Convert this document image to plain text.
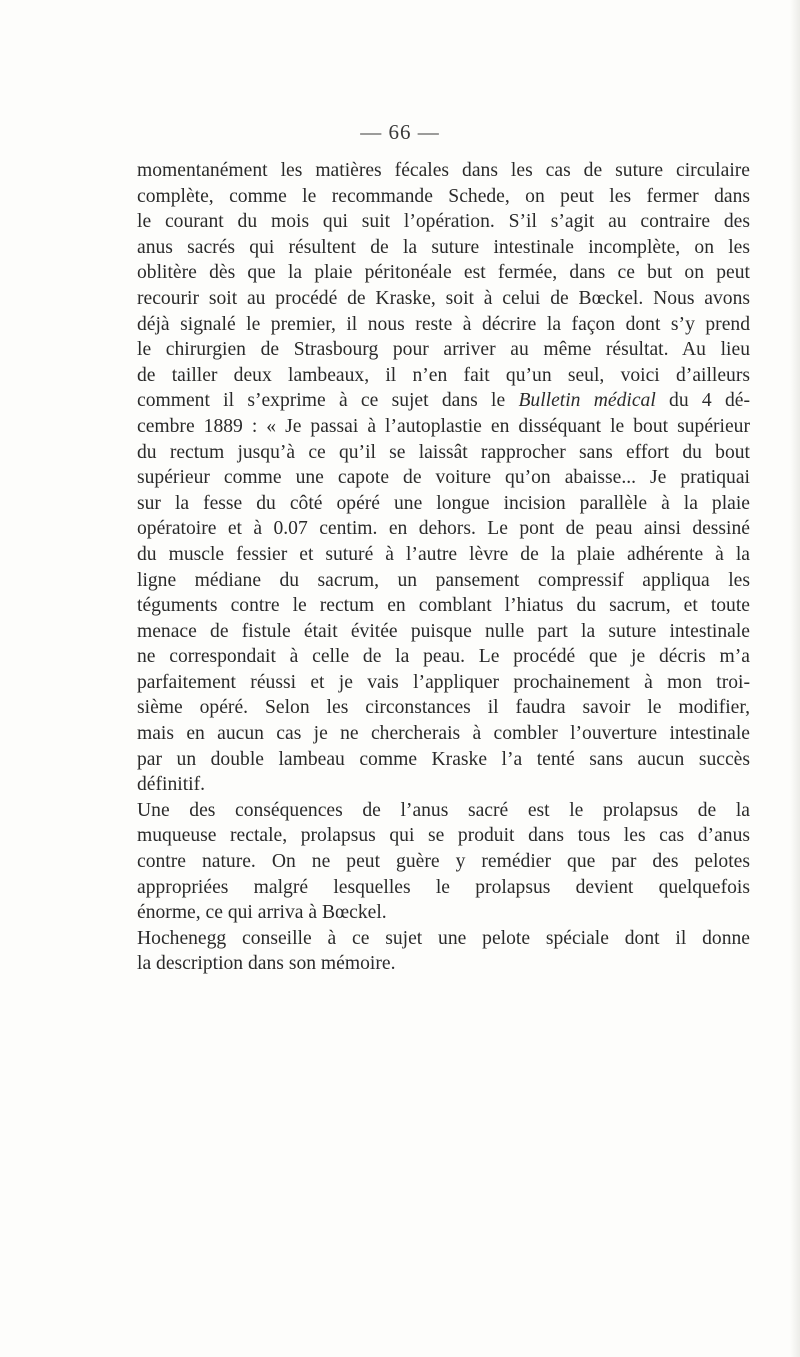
— 66 —
momentanément les matières fécales dans les cas de suture circulaire
complète, comme le recommande Schede, on peut les fermer dans
le courant du mois qui suit l’opération. S’il s’agit au contraire des
anus sacrés qui résultent de la suture intestinale incomplète, on les
oblitère dès que la plaie péritonéale est fermée, dans ce but on peut
recourir soit au procédé de Kraske, soit à celui de Bœckel. Nous avons
déjà signalé le premier, il nous reste à décrire la façon dont s’y prend
le chirurgien de Strasbourg pour arriver au même résultat. Au lieu
de tailler deux lambeaux, il n’en fait qu’un seul, voici d’ailleurs
comment il s’exprime à ce sujet dans le Bulletin médical du 4 dé-
cembre 1889 : « Je passai à l’autoplastie en disséquant le bout supérieur
du rectum jusqu’à ce qu’il se laissât rapprocher sans effort du bout
supérieur comme une capote de voiture qu’on abaisse... Je pratiquai
sur la fesse du côté opéré une longue incision parallèle à la plaie
opératoire et à 0.07 centim. en dehors. Le pont de peau ainsi dessiné
du muscle fessier et suturé à l’autre lèvre de la plaie adhérente à la
ligne médiane du sacrum, un pansement compressif appliqua les
téguments contre le rectum en comblant l’hiatus du sacrum, et toute
menace de fistule était évitée puisque nulle part la suture intestinale
ne correspondait à celle de la peau. Le procédé que je décris m’a
parfaitement réussi et je vais l’appliquer prochainement à mon troi-
sième opéré. Selon les circonstances il faudra savoir le modifier,
mais en aucun cas je ne chercherais à combler l’ouverture intestinale
par un double lambeau comme Kraske l’a tenté sans aucun succès
définitif.
Une des conséquences de l’anus sacré est le prolapsus de la
muqueuse rectale, prolapsus qui se produit dans tous les cas d’anus
contre nature. On ne peut guère y remédier que par des pelotes
appropriées malgré lesquelles le prolapsus devient quelquefois
énorme, ce qui arriva à Bœckel.
Hochenegg conseille à ce sujet une pelote spéciale dont il donne
la description dans son mémoire.
